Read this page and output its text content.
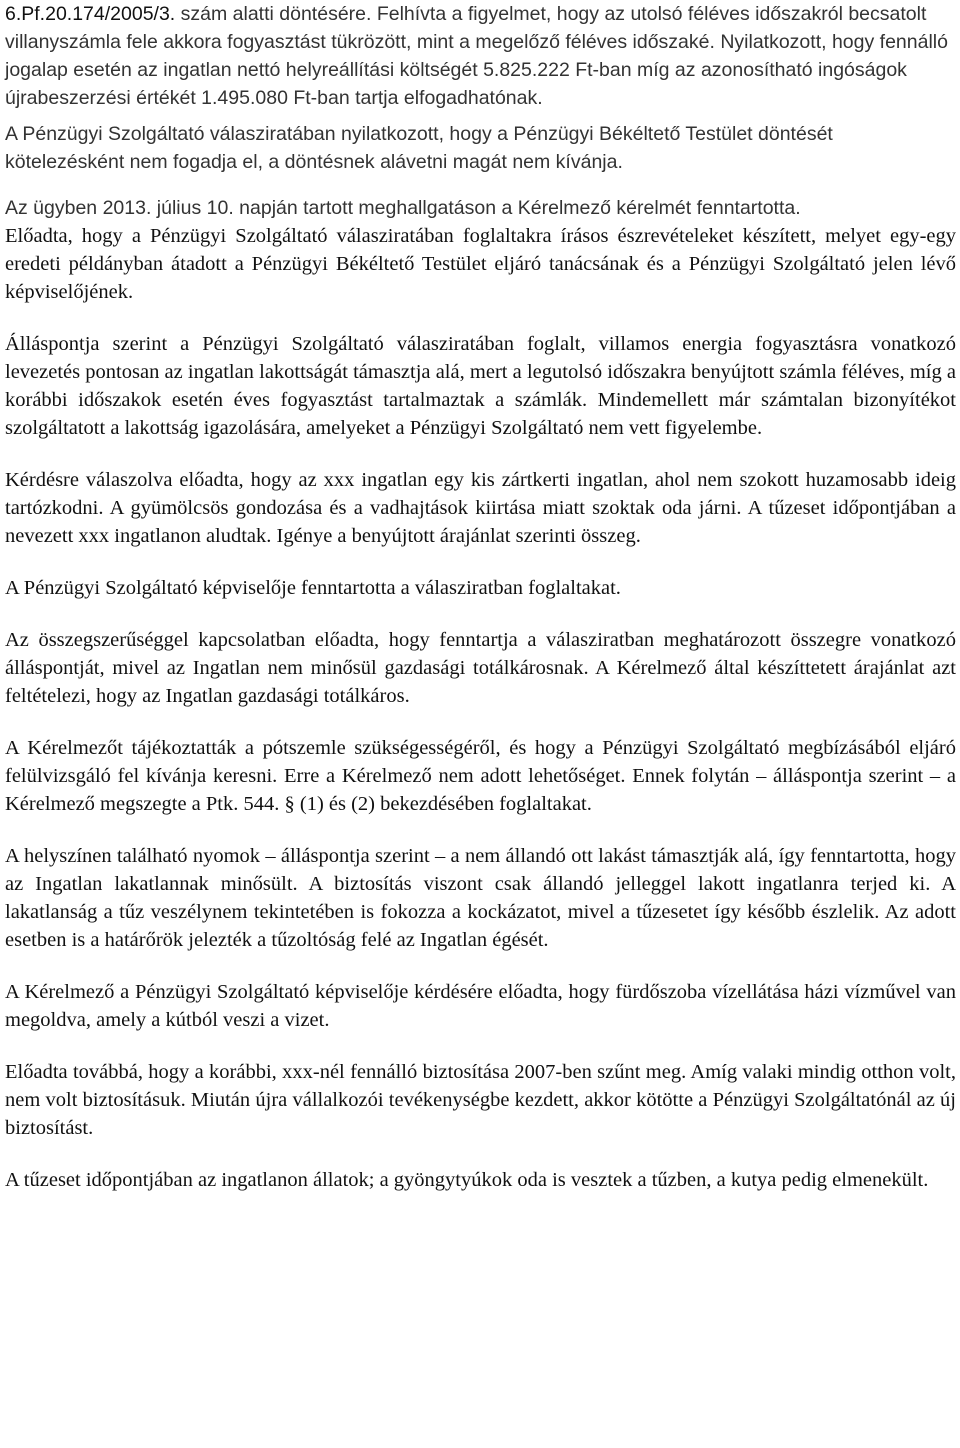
6.Pf.20.174/2005/3. szám alatti döntésére. Felhívta a figyelmet, hogy az utolsó féléves időszakról becsatolt villanyszámla fele akkora fogyasztást tükrözött, mint a megelőző féléves időszaké. Nyilatkozott, hogy fennálló jogalap esetén az ingatlan nettó helyreállítási költségét 5.825.222 Ft-ban míg az azonosítható ingóságok újrabeszerzési értékét 1.495.080 Ft-ban tartja elfogadhatónak.

A Pénzügyi Szolgáltató válasziratában nyilatkozott, hogy a Pénzügyi Békéltető Testület döntését kötelezésként nem fogadja el, a döntésnek alávetni magát nem kívánja.

Az ügyben 2013. július 10. napján tartott meghallgatáson a Kérelmező kérelmét fenntartotta.

Előadta, hogy a Pénzügyi Szolgáltató válasziratában foglaltakra írásos észrevételeket készített, melyet egy-egy eredeti példányban átadott a Pénzügyi Békéltető Testület eljáró tanácsának és a Pénzügyi Szolgáltató jelen lévő képviselőjének.

Álláspontja szerint a Pénzügyi Szolgáltató válasziratában foglalt, villamos energia fogyasztásra vonatkozó levezetés pontosan az ingatlan lakottságát támasztja alá, mert a legutolsó időszakra benyújtott számla féléves, míg a korábbi időszakok esetén éves fogyasztást tartalmaztak a számlák. Mindemellett már számtalan bizonyítékot szolgáltatott a lakottság igazolására, amelyeket a Pénzügyi Szolgáltató nem vett figyelembe.

Kérdésre válaszolva előadta, hogy az xxx ingatlan egy kis zártkerti ingatlan, ahol nem szokott huzamosabb ideig tartózkodni. A gyümölcsös gondozása és a vadhajtások kiirtása miatt szoktak oda járni. A tűzeset időpontjában a nevezett xxx ingatlanon aludtak. Igénye a benyújtott árajánlat szerinti összeg.

A Pénzügyi Szolgáltató képviselője fenntartotta a válasziratban foglaltakat.

Az összegszerűséggel kapcsolatban előadta, hogy fenntartja a válasziratban meghatározott összegre vonatkozó álláspontját, mivel az Ingatlan nem minősül gazdasági totálkárosnak. A Kérelmező által készíttetett árajánlat azt feltételezi, hogy az Ingatlan gazdasági totálkáros.

A Kérelmezőt tájékoztatták a pótszemle szükségességéről, és hogy a Pénzügyi Szolgáltató megbízásából eljáró felülvizsgáló fel kívánja keresni. Erre a Kérelmező nem adott lehetőséget. Ennek folytán – álláspontja szerint – a Kérelmező megszegte a Ptk. 544. § (1) és (2) bekezdésében foglaltakat.

A helyszínen található nyomok – álláspontja szerint – a nem állandó ott lakást támasztják alá, így fenntartotta, hogy az Ingatlan lakatlannak minősült. A biztosítás viszont csak állandó jelleggel lakott ingatlanra terjed ki. A lakatlanság a tűz veszélynem tekintetében is fokozza a kockázatot, mivel a tűzesetet így később észlelik. Az adott esetben is a határőrök jelezték a tűzoltóság felé az Ingatlan égését.

A Kérelmező a Pénzügyi Szolgáltató képviselője kérdésére előadta, hogy fürdőszoba vízellátása házi vízművel van megoldva, amely a kútból veszi a vizet.

Előadta továbbá, hogy a korábbi, xxx-nél fennálló biztosítása 2007-ben szűnt meg. Amíg valaki mindig otthon volt, nem volt biztosításuk. Miután újra vállalkozói tevékenységbe kezdett, akkor kötötte a Pénzügyi Szolgáltatónál az új biztosítást.

A tűzeset időpontjában az ingatlanon állatok; a gyöngytyúkok oda is vesztek a tűzben, a kutya pedig elmenekült.
